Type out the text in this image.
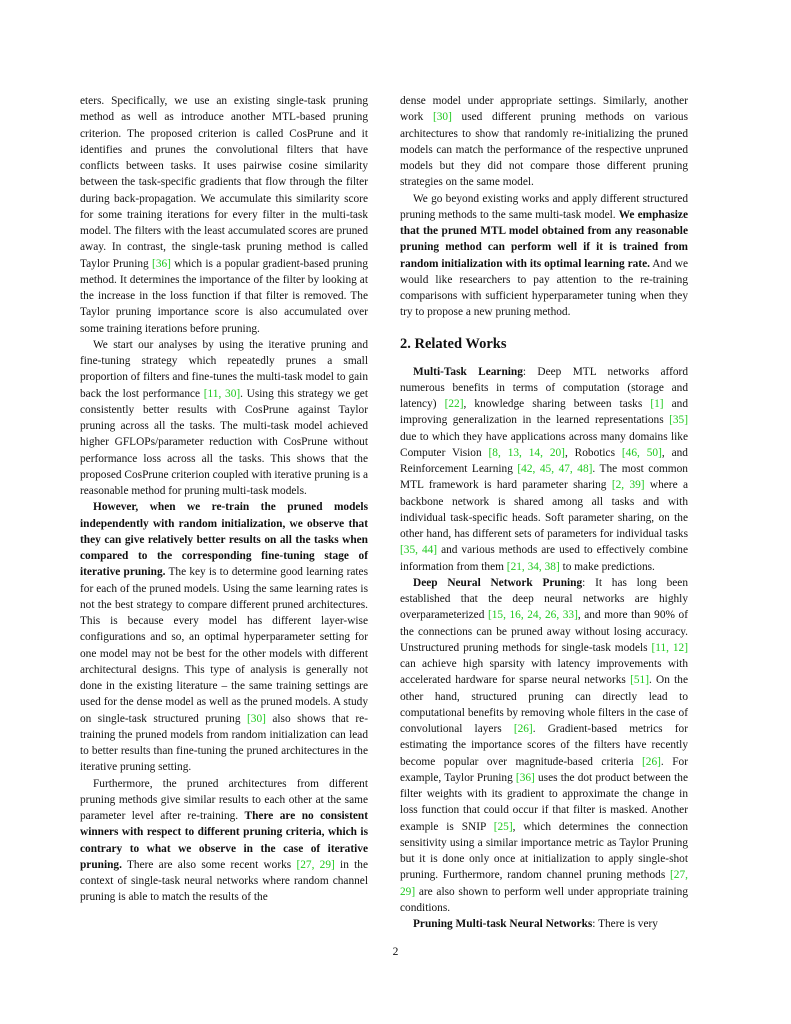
eters. Specifically, we use an existing single-task pruning method as well as introduce another MTL-based pruning criterion. The proposed criterion is called CosPrune and it identifies and prunes the convolutional filters that have conflicts between tasks. It uses pairwise cosine similarity between the task-specific gradients that flow through the filter during back-propagation. We accumulate this similarity score for some training iterations for every filter in the multi-task model. The filters with the least accumulated scores are pruned away. In contrast, the single-task pruning method is called Taylor Pruning [36] which is a popular gradient-based pruning method. It determines the importance of the filter by looking at the increase in the loss function if that filter is removed. The Taylor pruning importance score is also accumulated over some training iterations before pruning.

We start our analyses by using the iterative pruning and fine-tuning strategy which repeatedly prunes a small proportion of filters and fine-tunes the multi-task model to gain back the lost performance [11, 30]. Using this strategy we get consistently better results with CosPrune against Taylor pruning across all the tasks. The multi-task model achieved higher GFLOPs/parameter reduction with CosPrune without performance loss across all the tasks. This shows that the proposed CosPrune criterion coupled with iterative pruning is a reasonable method for pruning multi-task models.

However, when we re-train the pruned models independently with random initialization, we observe that they can give relatively better results on all the tasks when compared to the corresponding fine-tuning stage of iterative pruning. The key is to determine good learning rates for each of the pruned models. Using the same learning rates is not the best strategy to compare different pruned architectures. This is because every model has different layer-wise configurations and so, an optimal hyperparameter setting for one model may not be best for the other models with different architectural designs. This type of analysis is generally not done in the existing literature – the same training settings are used for the dense model as well as the pruned models. A study on single-task structured pruning [30] also shows that re-training the pruned models from random initialization can lead to better results than fine-tuning the pruned architectures in the iterative pruning setting.

Furthermore, the pruned architectures from different pruning methods give similar results to each other at the same parameter level after re-training. There are no consistent winners with respect to different pruning criteria, which is contrary to what we observe in the case of iterative pruning. There are also some recent works [27, 29] in the context of single-task neural networks where random channel pruning is able to match the results of the

dense model under appropriate settings. Similarly, another work [30] used different pruning methods on various architectures to show that randomly re-initializing the pruned models can match the performance of the respective unpruned models but they did not compare those different pruning strategies on the same model.

We go beyond existing works and apply different structured pruning methods to the same multi-task model. We emphasize that the pruned MTL model obtained from any reasonable pruning method can perform well if it is trained from random initialization with its optimal learning rate. And we would like researchers to pay attention to the re-training comparisons with sufficient hyperparameter tuning when they try to propose a new pruning method.

2. Related Works

Multi-Task Learning: Deep MTL networks afford numerous benefits in terms of computation (storage and latency) [22], knowledge sharing between tasks [1] and improving generalization in the learned representations [35] due to which they have applications across many domains like Computer Vision [8, 13, 14, 20], Robotics [46, 50], and Reinforcement Learning [42, 45, 47, 48]. The most common MTL framework is hard parameter sharing [2, 39] where a backbone network is shared among all tasks and with individual task-specific heads. Soft parameter sharing, on the other hand, has different sets of parameters for individual tasks [35, 44] and various methods are used to effectively combine information from them [21, 34, 38] to make predictions.

Deep Neural Network Pruning: It has long been established that the deep neural networks are highly overparameterized [15, 16, 24, 26, 33], and more than 90% of the connections can be pruned away without losing accuracy. Unstructured pruning methods for single-task models [11, 12] can achieve high sparsity with latency improvements with accelerated hardware for sparse neural networks [51]. On the other hand, structured pruning can directly lead to computational benefits by removing whole filters in the case of convolutional layers [26]. Gradient-based metrics for estimating the importance scores of the filters have recently become popular over magnitude-based criteria [26]. For example, Taylor Pruning [36] uses the dot product between the filter weights with its gradient to approximate the change in loss function that could occur if that filter is masked. Another example is SNIP [25], which determines the connection sensitivity using a similar importance metric as Taylor Pruning but it is done only once at initialization to apply single-shot pruning. Furthermore, random channel pruning methods [27, 29] are also shown to perform well under appropriate training conditions.

Pruning Multi-task Neural Networks: There is very

2
